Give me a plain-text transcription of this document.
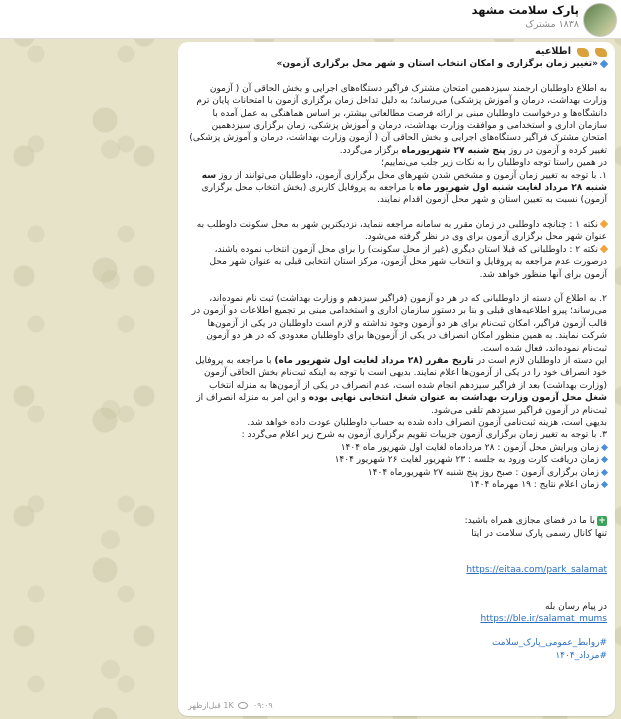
پارک سلامت مشهد
۱۸۳۸ مشترک
اطلاعیه

«تغییر زمان برگزاری و امکان انتخاب استان و شهر محل برگزاری آزمون»

به اطلاع داوطلبان ارجمند سیزدهمین امتحان مشترک فراگیر دستگاه‌های اجرایی و بخش الحاقی آن ( آزمون وزارت بهداشت، درمان و آموزش پزشکی) می‌رساند؛ به دلیل تداخل زمان برگزاری آزمون با امتحانات پایان ترم دانشگاه‌ها و درخواست داوطلبان مبنی بر ارائه فرصت مطالعاتی بیشتر، بر اساس هماهنگی به عمل آمده با سازمان اداری و استخدامی و موافقت وزارت بهداشت، درمان و آموزش پزشکی، زمان برگزاری سیزدهمین امتحان مشترک فراگیر دستگاه‌های اجرایی و بخش الحاقی آن ( آزمون وزارت بهداشت، درمان و آموزش پزشکی) تغییر کرده و آزمون در روز پنج شنبه ۲۷ شهریورماه برگزار می‌گردد.

در همین راستا توجه داوطلبان را به نکات زیر جلب می‌نماییم؛

۱. با توجه به تغییر زمان آزمون و مشخص شدن شهرهای محل برگزاری آزمون، داوطلبان می‌توانند از روز سه شنبه ۲۸ مرداد لغایت شنبه اول شهریور ماه با مراجعه به پروفایل کاربری (بخش انتخاب محل برگزاری آزمون) نسبت به تعیین استان و شهر محل آزمون اقدام نمایند.

نکته ۱ : چنانچه داوطلبی در زمان مقرر به سامانه مراجعه ننماید، نزدیکترین شهر به محل سکونت داوطلب به عنوان شهر محل برگزاری آزمون برای وی در نظر گرفته می‌شود.

نکته ۲ : داوطلبانی که قبلا استان دیگری (غیر از محل سکونت) را برای محل آزمون انتخاب نموده باشند، درصورت عدم مراجعه به پروفایل و انتخاب شهر محل آزمون، مرکز استان انتخابی قبلی به عنوان شهر محل آزمون برای آنها منظور خواهد شد.

۲. به اطلاع آن دسته از داوطلبانی که در هر دو آزمون (فراگیر سیزدهم و وزارت بهداشت) ثبت نام نموده‌اند، می‌رساند؛ پیرو اطلاعیه‌های قبلی و بنا بر دستور سازمان اداری و استخدامی مبنی بر تجمیع اطلاعات دو آزمون در قالب آزمون فراگیر، امکان ثبت‌نام برای هر دو آزمون وجود نداشته و لازم است داوطلبان در یکی از آزمون‌ها شرکت نمایند. به همین منظور امکان انصراف در یکی از آزمون‌ها برای داوطلبان معدودی که در هر دو آزمون ثبت‌نام نموده‌اند، فعال شده است.

این دسته از داوطلبان لازم است در تاریخ مقرر (۲۸ مرداد لغایت اول شهریور ماه) با مراجعه به پروفایل خود انصراف خود را در یکی از آزمون‌ها اعلام نمایند. بدیهی است با توجه به اینکه ثبت‌نام بخش الحاقی آزمون (وزارت بهداشت) بعد از فراگیر سیزدهم انجام شده است، عدم انصراف در یکی از آزمون‌ها به منزله انتخاب شغل محل آزمون وزارت بهداشت به عنوان شغل انتخابی نهایی بوده و این امر به منزله انصراف از ثبت‌نام در آزمون فراگیر سیزدهم تلقی می‌شود.

بدیهی است، هزینه ثبت‌نامی آزمون انصراف داده شده به حساب داوطلبان عودت داده خواهد شد.

۳. با توجه به تغییر زمان برگزاری آزمون جزییات تقویم برگزاری آزمون به شرح زیر اعلام می‌گردد :

زمان ویرایش محل آزمون : ۲۸ مردادماه لغایت اول شهریور ماه ۱۴۰۴

زمان دریافت کارت ورود به جلسه : ۲۳ شهریور لغایت ۲۶ شهریور ۱۴۰۴

زمان برگزاری آزمون : صبح روز پنج شنبه ۲۷ شهریورماه ۱۴۰۴

زمان اعلام نتایج : ۱۹ مهرماه ۱۴۰۴

+با ما در فضای مجازی همراه باشید:

تنها کانال رسمی پارک سلامت در ایتا

https://eitaa.com/park_salamat

در پیام رسان بله

https://ble.ir/salamat_mums

#روابط_عمومی_پارک_سلامت

#مرداد_۱۴۰۴

1K  ۰۹:۰۹ قبل‌ازظهر
